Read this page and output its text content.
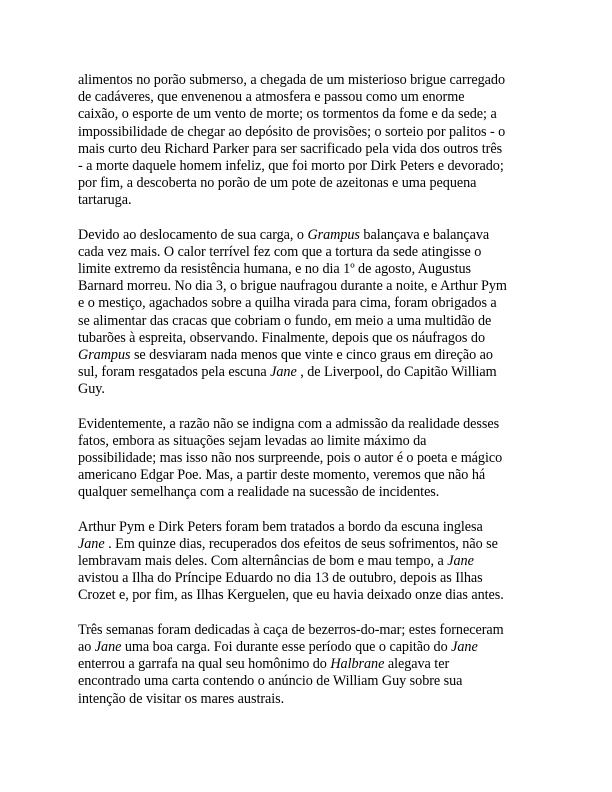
alimentos no porão submerso, a chegada de um misterioso brigue carregado
de cadáveres, que envenenou a atmosfera e passou como um enorme
caixão, o esporte de um vento de morte; os tormentos da fome e da sede; a
impossibilidade de chegar ao depósito de provisões; o sorteio por palitos - o
mais curto deu Richard Parker para ser sacrificado pela vida dos outros três
- a morte daquele homem infeliz, que foi morto por Dirk Peters e devorado;
por fim, a descoberta no porão de um pote de azeitonas e uma pequena
tartaruga.

Devido ao deslocamento de sua carga, o Grampus balançava e balançava
cada vez mais. O calor terrível fez com que a tortura da sede atingisse o
limite extremo da resistência humana, e no dia 1º de agosto, Augustus
Barnard morreu. No dia 3, o brigue naufragou durante a noite, e Arthur Pym
e o mestiço, agachados sobre a quilha virada para cima, foram obrigados a
se alimentar das cracas que cobriam o fundo, em meio a uma multidão de
tubarões à espreita, observando. Finalmente, depois que os náufragos do
Grampus se desviaram nada menos que vinte e cinco graus em direção ao
sul, foram resgatados pela escuna Jane , de Liverpool, do Capitão William
Guy.

Evidentemente, a razão não se indigna com a admissão da realidade desses
fatos, embora as situações sejam levadas ao limite máximo da
possibilidade; mas isso não nos surpreende, pois o autor é o poeta e mágico
americano Edgar Poe. Mas, a partir deste momento, veremos que não há
qualquer semelhança com a realidade na sucessão de incidentes.

Arthur Pym e Dirk Peters foram bem tratados a bordo da escuna inglesa
Jane . Em quinze dias, recuperados dos efeitos de seus sofrimentos, não se
lembravam mais deles. Com alternâncias de bom e mau tempo, a Jane
avistou a Ilha do Príncipe Eduardo no dia 13 de outubro, depois as Ilhas
Crozet e, por fim, as Ilhas Kerguelen, que eu havia deixado onze dias antes.

Três semanas foram dedicadas à caça de bezerros-do-mar; estes forneceram
ao Jane uma boa carga. Foi durante esse período que o capitão do Jane
enterrou a garrafa na qual seu homônimo do Halbrane alegava ter
encontrado uma carta contendo o anúncio de William Guy sobre sua
intenção de visitar os mares austrais.
